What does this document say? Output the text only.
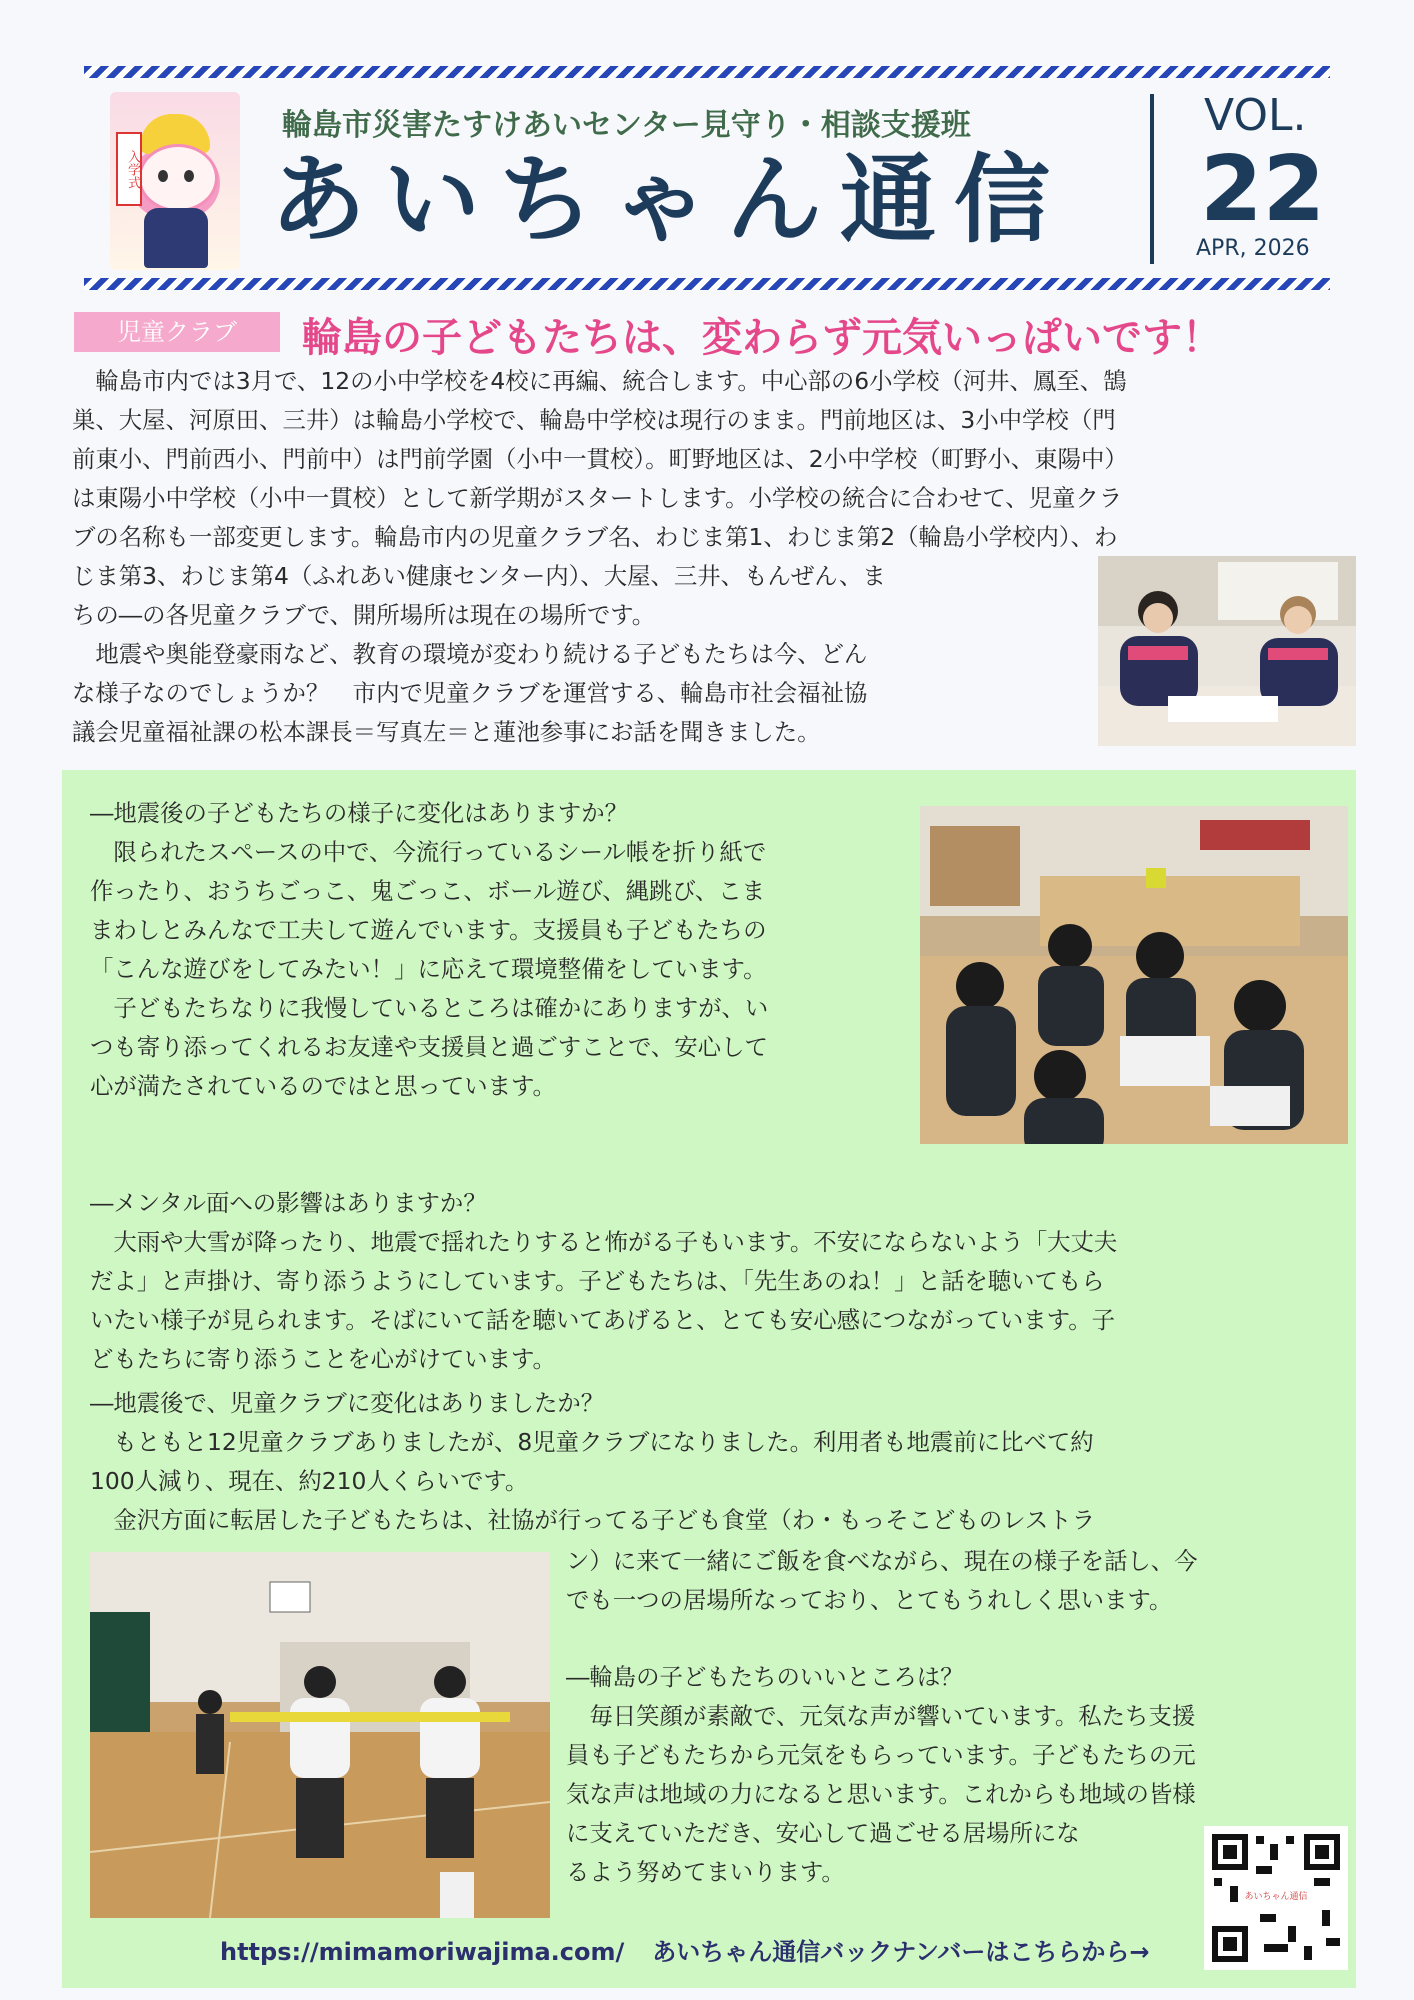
入学式
輪島市災害たすけあいセンター見守り・相談支援班
あいちゃん通信
VOL.
22
APR, 2026
児童クラブ	輪島の子どもたちは、変わらず元気いっぱいです！

　輪島市内では3月で、12の小中学校を4校に再編、統合します。中心部の6小学校（河井、鳳至、鵠

巣、大屋、河原田、三井）は輪島小学校で、輪島中学校は現行のまま。門前地区は、3小中学校（門

前東小、門前西小、門前中）は門前学園（小中一貫校）。町野地区は、2小中学校（町野小、東陽中）

は東陽小中学校（小中一貫校）として新学期がスタートします。小学校の統合に合わせて、児童クラ

ブの名称も一部変更します。輪島市内の児童クラブ名、わじま第1、わじま第2（輪島小学校内）、わ

じま第3、わじま第4（ふれあい健康センター内）、大屋、三井、もんぜん、ま

ちの―の各児童クラブで、開所場所は現在の場所です。

　地震や奥能登豪雨など、教育の環境が変わり続ける子どもたちは今、どん

な様子なのでしょうか？　市内で児童クラブを運営する、輪島市社会福祉協

議会児童福祉課の松本課長＝写真左＝と蓮池参事にお話を聞きました。

―地震後の子どもたちの様子に変化はありますか？

　限られたスペースの中で、今流行っているシール帳を折り紙で

作ったり、おうちごっこ、鬼ごっこ、ボール遊び、縄跳び、こま

まわしとみんなで工夫して遊んでいます。支援員も子どもたちの

「こんな遊びをしてみたい！」に応えて環境整備をしています。

　子どもたちなりに我慢しているところは確かにありますが、い

つも寄り添ってくれるお友達や支援員と過ごすことで、安心して

心が満たされているのではと思っています。

―メンタル面への影響はありますか？

　大雨や大雪が降ったり、地震で揺れたりすると怖がる子もいます。不安にならないよう「大丈夫

だよ」と声掛け、寄り添うようにしています。子どもたちは、「先生あのね！」と話を聴いてもら

いたい様子が見られます。そばにいて話を聴いてあげると、とても安心感につながっています。子

どもたちに寄り添うことを心がけています。

―地震後で、児童クラブに変化はありましたか？

　もともと12児童クラブありましたが、8児童クラブになりました。利用者も地震前に比べて約

100人減り、現在、約210人くらいです。

　金沢方面に転居した子どもたちは、社協が行ってる子ども食堂（わ・もっそこどものレストラ

ン）に来て一緒にご飯を食べながら、現在の様子を話し、今

でも一つの居場所なっており、とてもうれしく思います。

―輪島の子どもたちのいいところは？

　毎日笑顔が素敵で、元気な声が響いています。私たち支援

員も子どもたちから元気をもらっています。子どもたちの元

気な声は地域の力になると思います。これからも地域の皆様

に支えていただき、安心して過ごせる居場所にな

るよう努めてまいります。

あいちゃん通信
https://mimamoriwajima.com/ あいちゃん通信バックナンバーはこちらから→
